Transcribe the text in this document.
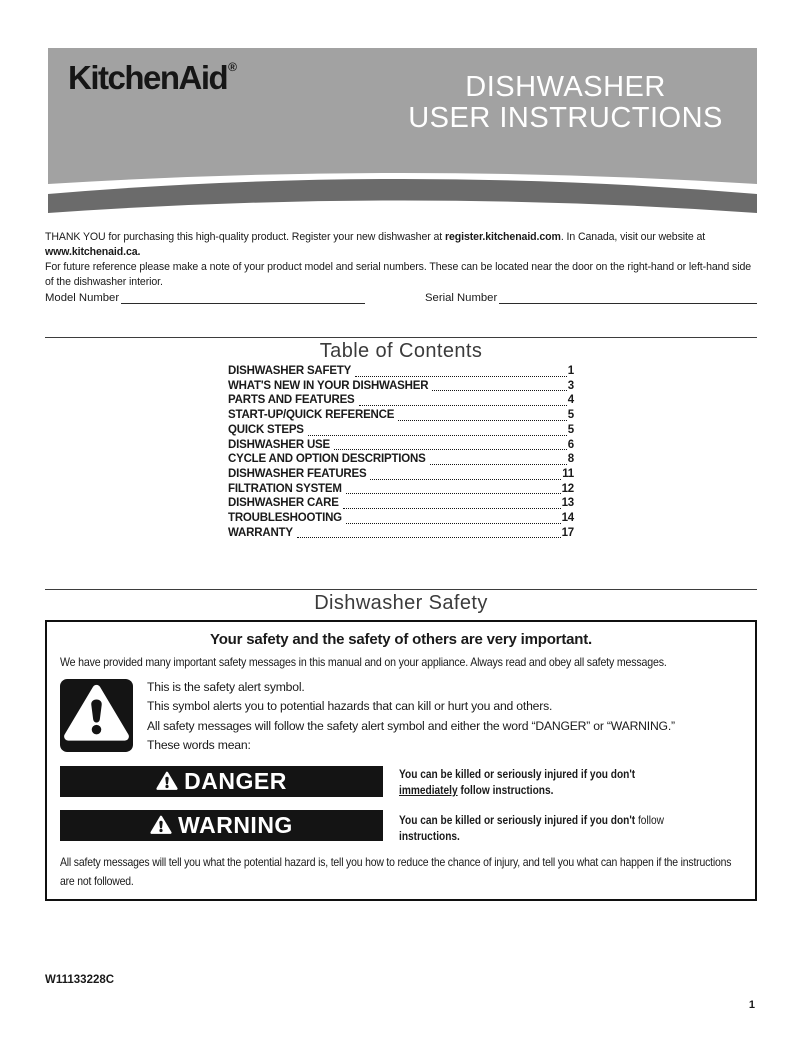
KitchenAid®
DISHWASHER
USER INSTRUCTIONS

THANK YOU for purchasing this high-quality product. Register your new dishwasher at register.kitchenaid.com. In Canada, visit our website at www.kitchenaid.ca.

For future reference please make a note of your product model and serial numbers. These can be located near the door on the right-hand or left-hand side of the dishwasher interior.

Model Number	Serial Number
Table of Contents
DISHWASHER SAFETY	1
WHAT'S NEW IN YOUR DISHWASHER	3
PARTS AND FEATURES	4
START-UP/QUICK REFERENCE	5
QUICK STEPS	5
DISHWASHER USE	6
CYCLE AND OPTION DESCRIPTIONS	8
DISHWASHER FEATURES	11
FILTRATION SYSTEM	12
DISHWASHER CARE	13
TROUBLESHOOTING	14
WARRANTY	17
Dishwasher Safety
Your safety and the safety of others are very important.

We have provided many important safety messages in this manual and on your appliance. Always read and obey all safety messages.

This is the safety alert symbol.

This symbol alerts you to potential hazards that can kill or hurt you and others.

All safety messages will follow the safety alert symbol and either the word “DANGER” or “WARNING.”

These words mean:

DANGER	You can be killed or seriously injured if you don't immediately follow instructions.

WARNING	You can be killed or seriously injured if you don't follow instructions.

All safety messages will tell you what the potential hazard is, tell you how to reduce the chance of injury, and tell you what can happen if the instructions are not followed.

W11133228C
1
